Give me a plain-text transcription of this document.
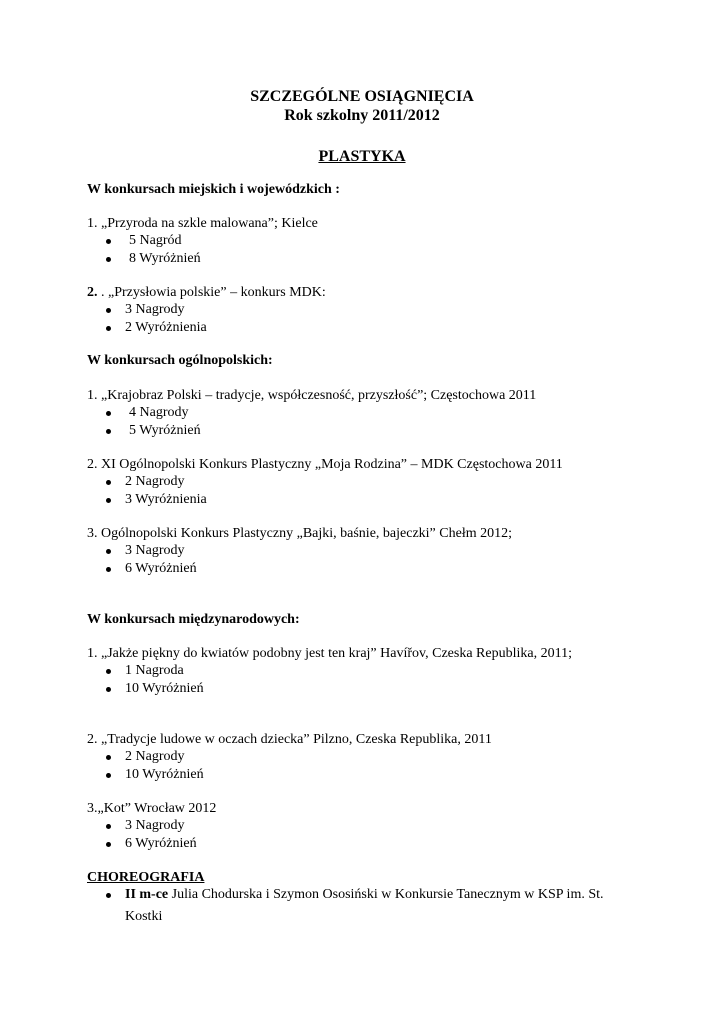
SZCZEGÓLNE OSIĄGNIĘCIA
Rok szkolny 2011/2012
PLASTYKA
W konkursach miejskich i wojewódzkich :
1. „Przyroda na szkle malowana”; Kielce
5 Nagród
8 Wyróżnień
2. . „Przysłowia polskie” – konkurs MDK:
3 Nagrody
2 Wyróżnienia
W konkursach ogólnopolskich:
1. „Krajobraz Polski – tradycje, współczesność, przyszłość”; Częstochowa 2011
4 Nagrody
5 Wyróżnień
2. XI Ogólnopolski Konkurs Plastyczny „Moja Rodzina” – MDK Częstochowa 2011
2 Nagrody
3 Wyróżnienia
3. Ogólnopolski Konkurs Plastyczny „Bajki, baśnie, bajeczki” Chełm 2012;
3 Nagrody
6 Wyróżnień
W konkursach międzynarodowych:
1. „Jakże piękny do kwiatów podobny jest ten kraj” Havířov, Czeska Republika, 2011;
1 Nagroda
10 Wyróżnień
2. „Tradycje ludowe w oczach dziecka” Pilzno, Czeska Republika, 2011
2 Nagrody
10 Wyróżnień
3.„Kot” Wrocław 2012
3 Nagrody
6 Wyróżnień
CHOREOGRAFIA
II m-ce Julia Chodurska i Szymon Ososiński w Konkursie Tanecznym w KSP im. St.
Kostki
